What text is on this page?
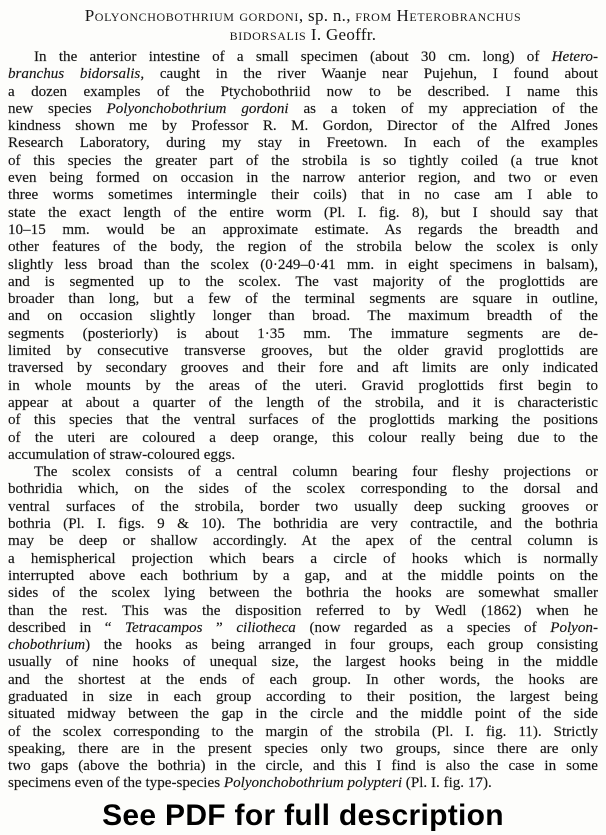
Polyonchobothrium gordoni, sp. n., from Heterobranchus
bidorsalis I. Geoffr.
In the anterior intestine of a small specimen (about 30 cm. long) of Hetero-
branchus bidorsalis, caught in the river Waanje near Pujehun, I found about
a dozen examples of the Ptychobothriid now to be described. I name this
new species Polyonchobothrium gordoni as a token of my appreciation of the
kindness shown me by Professor R. M. Gordon, Director of the Alfred Jones
Research Laboratory, during my stay in Freetown. In each of the examples
of this species the greater part of the strobila is so tightly coiled (a true knot
even being formed on occasion in the narrow anterior region, and two or even
three worms sometimes intermingle their coils) that in no case am I able to
state the exact length of the entire worm (Pl. I. fig. 8), but I should say that
10–15 mm. would be an approximate estimate. As regards the breadth and
other features of the body, the region of the strobila below the scolex is only
slightly less broad than the scolex (0·249–0·41 mm. in eight specimens in balsam),
and is segmented up to the scolex. The vast majority of the proglottids are
broader than long, but a few of the terminal segments are square in outline,
and on occasion slightly longer than broad. The maximum breadth of the
segments (posteriorly) is about 1·35 mm. The immature segments are de-
limited by consecutive transverse grooves, but the older gravid proglottids are
traversed by secondary grooves and their fore and aft limits are only indicated
in whole mounts by the areas of the uteri. Gravid proglottids first begin to
appear at about a quarter of the length of the strobila, and it is characteristic
of this species that the ventral surfaces of the proglottids marking the positions
of the uteri are coloured a deep orange, this colour really being due to the
accumulation of straw-coloured eggs.
The scolex consists of a central column bearing four fleshy projections or
bothridia which, on the sides of the scolex corresponding to the dorsal and
ventral surfaces of the strobila, border two usually deep sucking grooves or
bothria (Pl. I. figs. 9 & 10). The bothridia are very contractile, and the bothria
may be deep or shallow accordingly. At the apex of the central column is
a hemispherical projection which bears a circle of hooks which is normally
interrupted above each bothrium by a gap, and at the middle points on the
sides of the scolex lying between the bothria the hooks are somewhat smaller
than the rest. This was the disposition referred to by Wedl (1862) when he
described in “ Tetracampos ” ciliotheca (now regarded as a species of Polyon-
chobothrium) the hooks as being arranged in four groups, each group consisting
usually of nine hooks of unequal size, the largest hooks being in the middle
and the shortest at the ends of each group. In other words, the hooks are
graduated in size in each group according to their position, the largest being
situated midway between the gap in the circle and the middle point of the side
of the scolex corresponding to the margin of the strobila (Pl. I. fig. 11). Strictly
speaking, there are in the present species only two groups, since there are only
two gaps (above the bothria) in the circle, and this I find is also the case in some
specimens even of the type-species Polyonchobothrium polypteri (Pl. I. fig. 17).
See PDF for full description
